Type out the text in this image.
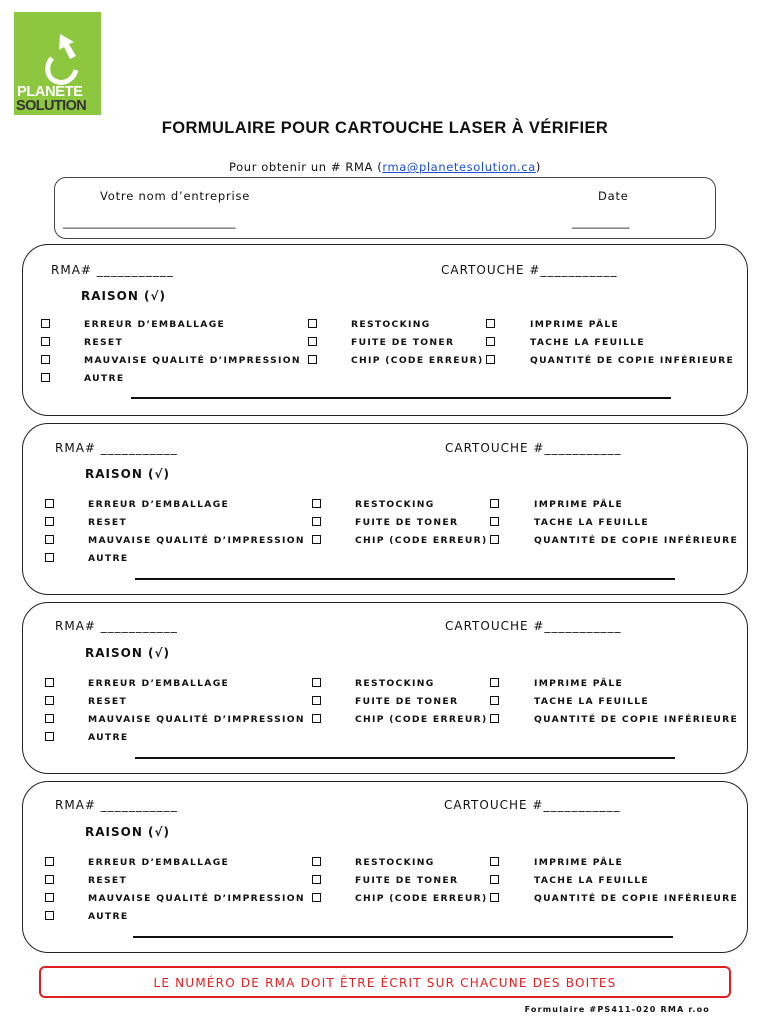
PLANÈTE
SOLUTION
FORMULAIRE POUR CARTOUCHE LASER À VÉRIFIER
Pour obtenir un # RMA (rma@planetesolution.ca)
Votre nom d’entreprise
______________________________
Date
__________
RMA# ___________	CARTOUCHE #___________
RAISON (√)
ERREUR D’EMBALLAGE
RESET
MAUVAISE QUALITÉ D’IMPRESSION
AUTRE
RESTOCKING
FUITE DE TONER
CHIP (CODE ERREUR)
IMPRIME PÂLE
TACHE LA FEUILLE
QUANTITÉ DE COPIE INFÉRIEURE
RMA# ___________	CARTOUCHE #___________
RAISON (√)
ERREUR D’EMBALLAGE
RESET
MAUVAISE QUALITÉ D’IMPRESSION
AUTRE
RESTOCKING
FUITE DE TONER
CHIP (CODE ERREUR)
IMPRIME PÂLE
TACHE LA FEUILLE
QUANTITÉ DE COPIE INFÉRIEURE
RMA# ___________	CARTOUCHE #___________
RAISON (√)
ERREUR D’EMBALLAGE
RESET
MAUVAISE QUALITÉ D’IMPRESSION
AUTRE
RESTOCKING
FUITE DE TONER
CHIP (CODE ERREUR)
IMPRIME PÂLE
TACHE LA FEUILLE
QUANTITÉ DE COPIE INFÉRIEURE
RMA# ___________	CARTOUCHE #___________
RAISON (√)
ERREUR D’EMBALLAGE
RESET
MAUVAISE QUALITÉ D’IMPRESSION
AUTRE
RESTOCKING
FUITE DE TONER
CHIP (CODE ERREUR)
IMPRIME PÂLE
TACHE LA FEUILLE
QUANTITÉ DE COPIE INFÉRIEURE
LE NUMÉRO DE RMA DOIT ÊTRE ÉCRIT SUR CHACUNE DES BOITES
Formulaire #PS411-020 RMA r.oo
